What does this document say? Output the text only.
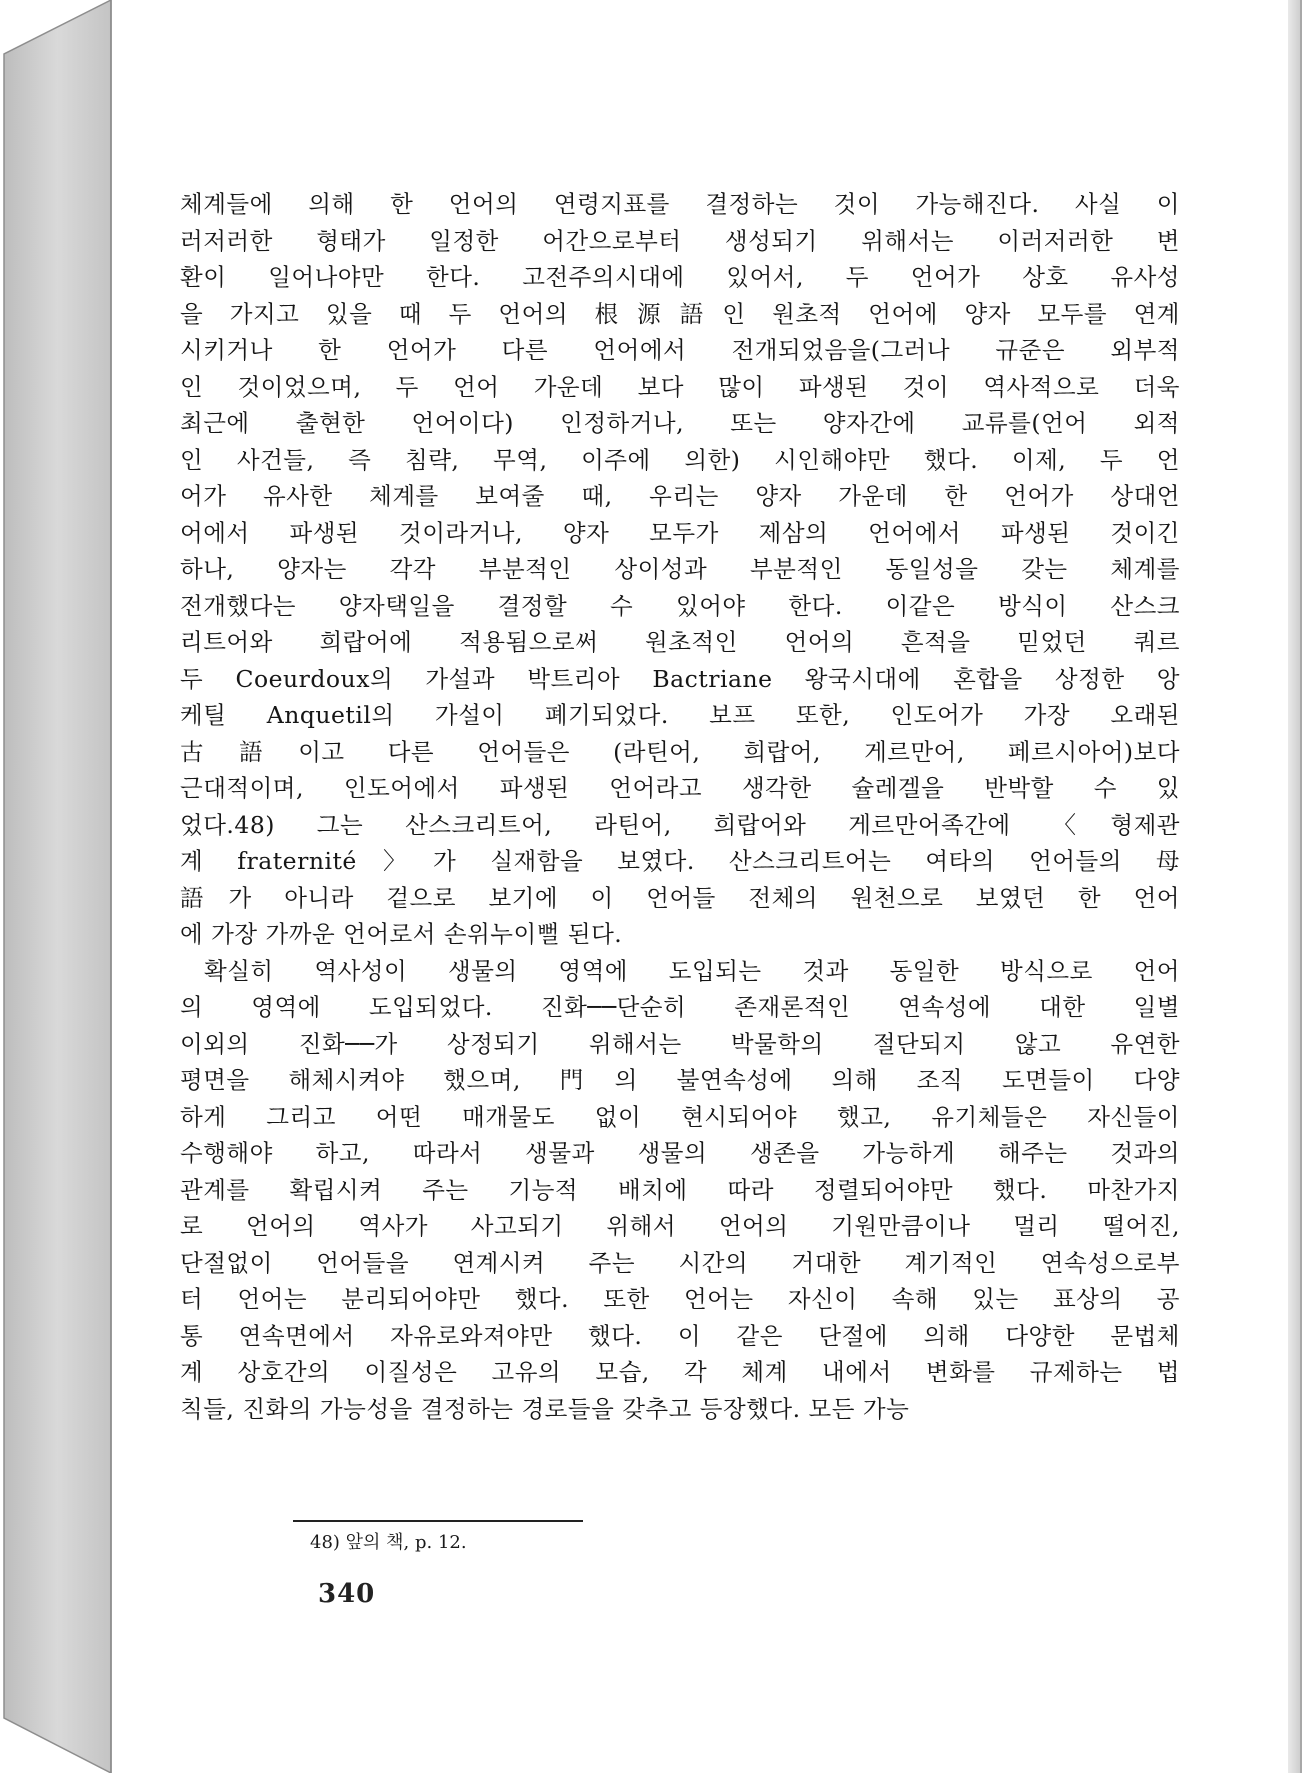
체계들에 의해 한 언어의 연령지표를 결정하는 것이 가능해진다. 사실 이
러저러한 형태가 일정한 어간으로부터 생성되기 위해서는 이러저러한 변
환이 일어나야만 한다. 고전주의시대에 있어서, 두 언어가 상호 유사성
을 가지고 있을 때 두 언어의 根源語인 원초적 언어에 양자 모두를 연계
시키거나 한 언어가 다른 언어에서 전개되었음을(그러나 규준은 외부적
인 것이었으며, 두 언어 가운데 보다 많이 파생된 것이 역사적으로 더욱
최근에 출현한 언어이다) 인정하거나, 또는 양자간에 교류를(언어 외적
인 사건들, 즉 침략, 무역, 이주에 의한) 시인해야만 했다. 이제, 두 언
어가 유사한 체계를 보여줄 때, 우리는 양자 가운데 한 언어가 상대언
어에서 파생된 것이라거나, 양자 모두가 제삼의 언어에서 파생된 것이긴
하나, 양자는 각각 부분적인 상이성과 부분적인 동일성을 갖는 체계를
전개했다는 양자택일을 결정할 수 있어야 한다. 이같은 방식이 산스크
리트어와 희랍어에 적용됨으로써 원초적인 언어의 흔적을 믿었던 쿼르
두 Coeurdoux의 가설과 박트리아 Bactriane 왕국시대에 혼합을 상정한 앙
케틸 Anquetil의 가설이 폐기되었다. 보프 또한, 인도어가 가장 오래된
古語이고 다른 언어들은 (라틴어, 희랍어, 게르만어, 페르시아어)보다
근대적이며, 인도어에서 파생된 언어라고 생각한 슐레겔을 반박할 수 있
었다.48) 그는 산스크리트어, 라틴어, 희랍어와 게르만어족간에 〈형제관
계 fraternité〉가 실재함을 보였다. 산스크리트어는 여타의 언어들의 母
語가 아니라 겉으로 보기에 이 언어들 전체의 원천으로 보였던 한 언어
에 가장 가까운 언어로서 손위누이뻘 된다.
확실히 역사성이 생물의 영역에 도입되는 것과 동일한 방식으로 언어
의 영역에 도입되었다. 진화──단순히 존재론적인 연속성에 대한 일별
이외의 진화──가 상정되기 위해서는 박물학의 절단되지 않고 유연한
평면을 해체시켜야 했으며, 門의 불연속성에 의해 조직 도면들이 다양
하게 그리고 어떤 매개물도 없이 현시되어야 했고, 유기체들은 자신들이
수행해야 하고, 따라서 생물과 생물의 생존을 가능하게 해주는 것과의
관계를 확립시켜 주는 기능적 배치에 따라 정렬되어야만 했다. 마찬가지
로 언어의 역사가 사고되기 위해서 언어의 기원만큼이나 멀리 떨어진,
단절없이 언어들을 연계시켜 주는 시간의 거대한 계기적인 연속성으로부
터 언어는 분리되어야만 했다. 또한 언어는 자신이 속해 있는 표상의 공
통 연속면에서 자유로와져야만 했다. 이 같은 단절에 의해 다양한 문법체
계 상호간의 이질성은 고유의 모습, 각 체계 내에서 변화를 규제하는 법
칙들, 진화의 가능성을 결정하는 경로들을 갖추고 등장했다. 모든 가능
48) 앞의 책, p. 12.
340
